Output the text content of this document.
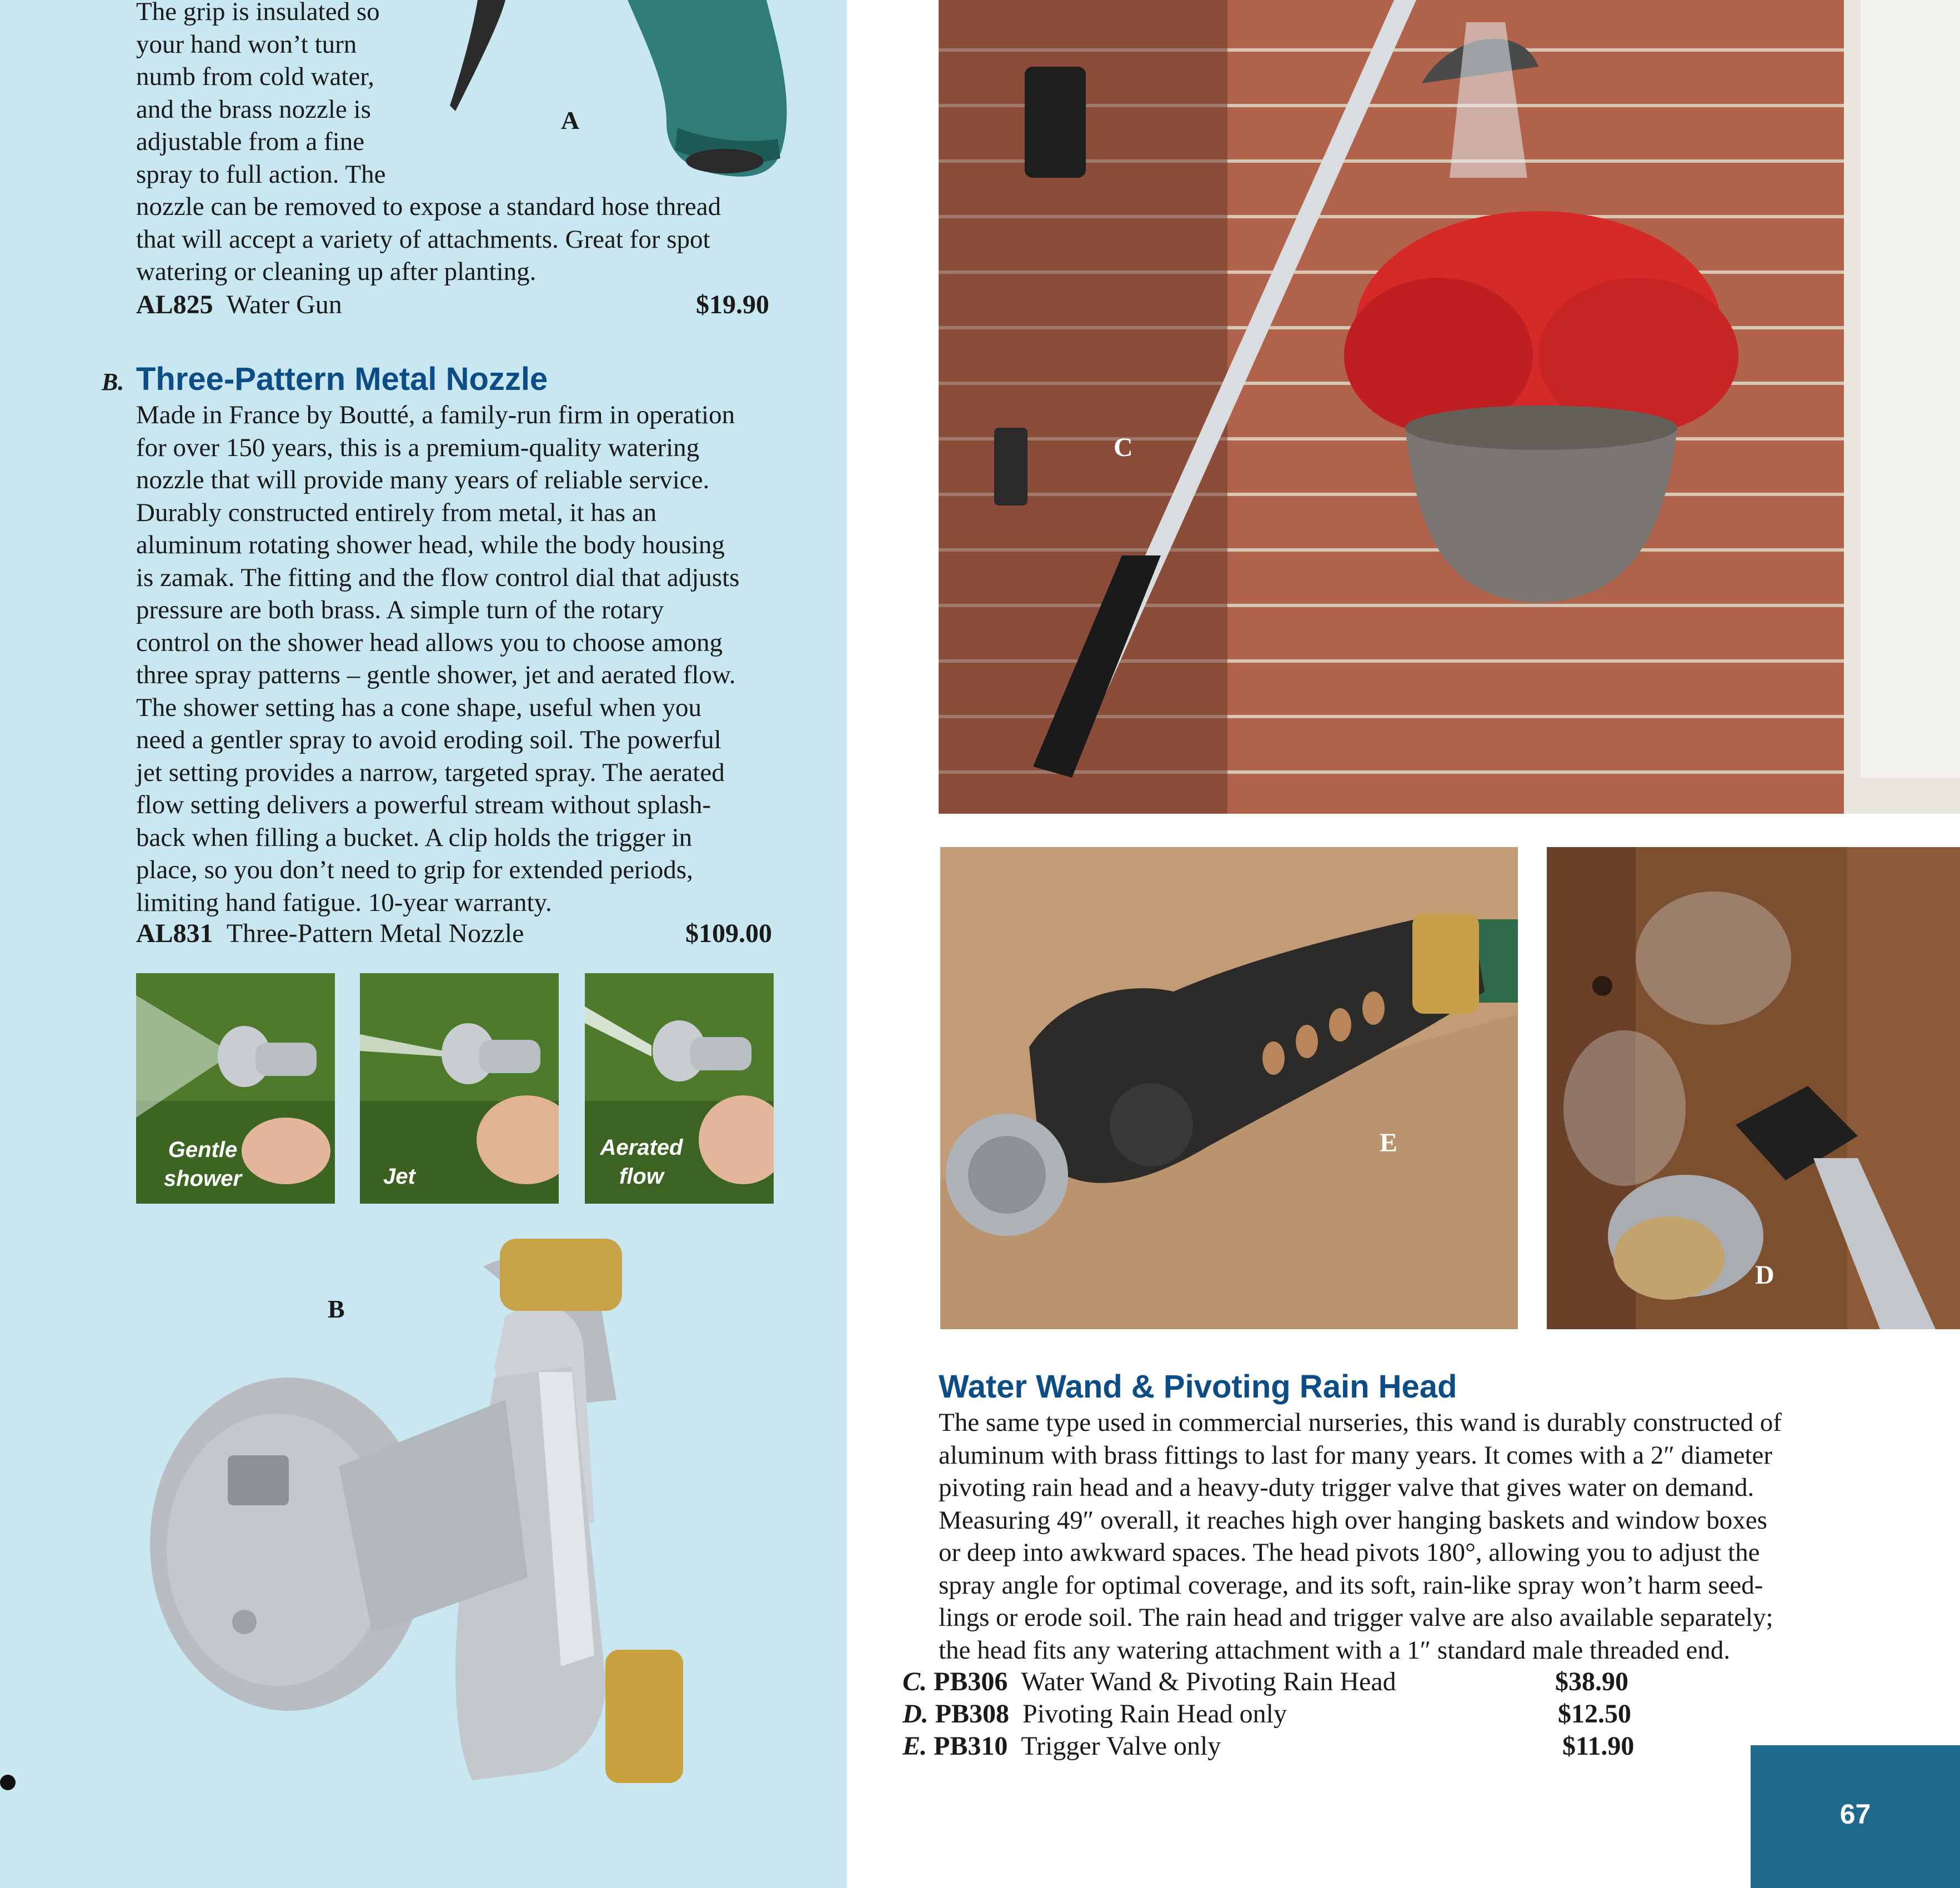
A
The grip is insulated so
your hand won’t turn
numb from cold water,
and the brass nozzle is
adjustable from a fine
spray to full action. The
nozzle can be removed to expose a standard hose thread
that will accept a variety of attachments. Great for spot
watering or cleaning up after planting.
AL825 Water Gun	$19.90
B. Three-Pattern Metal Nozzle
Made in France by Boutté, a family-run firm in operation
for over 150 years, this is a premium-quality watering
nozzle that will provide many years of reliable service.
Durably constructed entirely from metal, it has an
aluminum rotating shower head, while the body housing
is zamak. The fitting and the flow control dial that adjusts
pressure are both brass. A simple turn of the rotary
control on the shower head allows you to choose among
three spray patterns – gentle shower, jet and aerated flow.
The shower setting has a cone shape, useful when you
need a gentler spray to avoid eroding soil. The powerful
jet setting provides a narrow, targeted spray. The aerated
flow setting delivers a powerful stream without splash-
back when filling a bucket. A clip holds the trigger in
place, so you don’t need to grip for extended periods,
limiting hand fatigue. 10-year warranty.
AL831 Three-Pattern Metal Nozzle	$109.00
Gentle
shower	Jet
Aerated
flow
B
C
E
D
Water Wand & Pivoting Rain Head
The same type used in commercial nurseries, this wand is durably constructed of
aluminum with brass fittings to last for many years. It comes with a 2″ diameter
pivoting rain head and a heavy-duty trigger valve that gives water on demand.
Measuring 49″ overall, it reaches high over hanging baskets and window boxes
or deep into awkward spaces. The head pivots 180°, allowing you to adjust the
spray angle for optimal coverage, and its soft, rain-like spray won’t harm seed-
lings or erode soil. The rain head and trigger valve are also available separately;
the head fits any watering attachment with a 1″ standard male threaded end.
C. PB306 Water Wand & Pivoting Rain Head	$38.90
D. PB308 Pivoting Rain Head only	$12.50
E. PB310 Trigger Valve only	$11.90
67
